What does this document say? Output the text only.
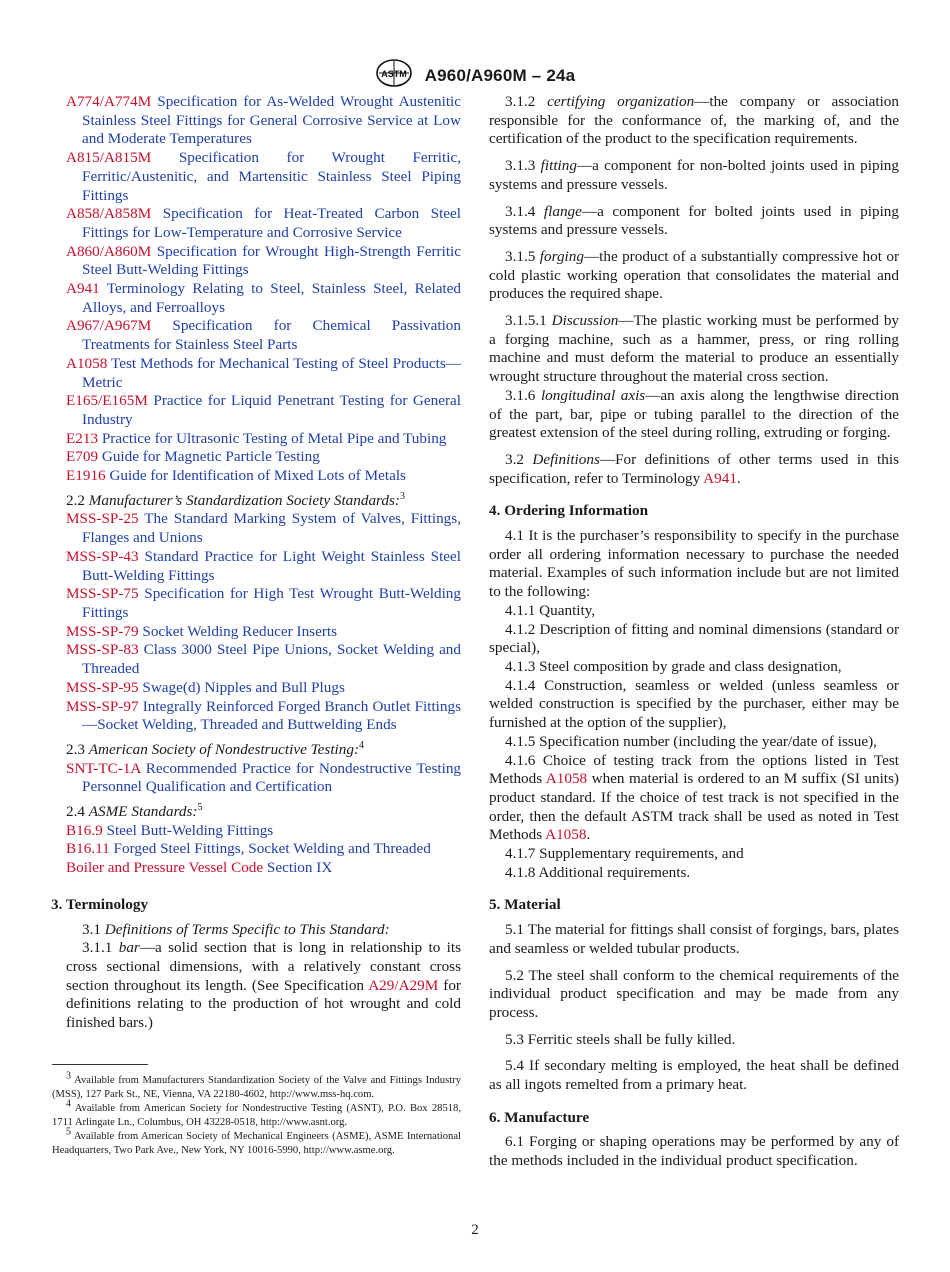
ASTM A960/A960M – 24a

A774/A774M Specification for As-Welded Wrought Austenitic Stainless Steel Fittings for General Corrosive Service at Low and Moderate Temperatures

A815/A815M Specification for Wrought Ferritic, Ferritic/Austenitic, and Martensitic Stainless Steel Piping Fittings

A858/A858M Specification for Heat-Treated Carbon Steel Fittings for Low-Temperature and Corrosive Service

A860/A860M Specification for Wrought High-Strength Ferritic Steel Butt-Welding Fittings

A941 Terminology Relating to Steel, Stainless Steel, Related Alloys, and Ferroalloys

A967/A967M Specification for Chemical Passivation Treatments for Stainless Steel Parts

A1058 Test Methods for Mechanical Testing of Steel Products—Metric

E165/E165M Practice for Liquid Penetrant Testing for General Industry

E213 Practice for Ultrasonic Testing of Metal Pipe and Tubing

E709 Guide for Magnetic Particle Testing

E1916 Guide for Identification of Mixed Lots of Metals

2.2 Manufacturer’s Standardization Society Standards:$^3$

MSS-SP-25 The Standard Marking System of Valves, Fittings, Flanges and Unions

MSS-SP-43 Standard Practice for Light Weight Stainless Steel Butt-Welding Fittings

MSS-SP-75 Specification for High Test Wrought Butt-Welding Fittings

MSS-SP-79 Socket Welding Reducer Inserts

MSS-SP-83 Class 3000 Steel Pipe Unions, Socket Welding and Threaded

MSS-SP-95 Swage(d) Nipples and Bull Plugs

MSS-SP-97 Integrally Reinforced Forged Branch Outlet Fittings—Socket Welding, Threaded and Buttwelding Ends

2.3 American Society of Nondestructive Testing:$^4$

SNT-TC-1A Recommended Practice for Nondestructive Testing Personnel Qualification and Certification

2.4 ASME Standards:$^5$

B16.9 Steel Butt-Welding Fittings

B16.11 Forged Steel Fittings, Socket Welding and Threaded

Boiler and Pressure Vessel Code Section IX

3. Terminology

3.1 Definitions of Terms Specific to This Standard:

3.1.1 bar—a solid section that is long in relationship to its cross sectional dimensions, with a relatively constant cross section throughout its length. (See Specification A29/A29M for definitions relating to the production of hot wrought and cold finished bars.)

$^3$ Available from Manufacturers Standardization Society of the Valve and Fittings Industry (MSS), 127 Park St., NE, Vienna, VA 22180-4602, http://www.mss-hq.com.

$^4$ Available from American Society for Nondestructive Testing (ASNT), P.O. Box 28518, 1711 Arlingate Ln., Columbus, OH 43228-0518, http://www.asnt.org.

$^5$ Available from American Society of Mechanical Engineers (ASME), ASME International Headquarters, Two Park Ave., New York, NY 10016-5990, http://www.asme.org.

3.1.2 certifying organization—the company or association responsible for the conformance of, the marking of, and the certification of the product to the specification requirements.

3.1.3 fitting—a component for non-bolted joints used in piping systems and pressure vessels.

3.1.4 flange—a component for bolted joints used in piping systems and pressure vessels.

3.1.5 forging—the product of a substantially compressive hot or cold plastic working operation that consolidates the material and produces the required shape.

3.1.5.1 Discussion—The plastic working must be performed by a forging machine, such as a hammer, press, or ring rolling machine and must deform the material to produce an essentially wrought structure throughout the material cross section.

3.1.6 longitudinal axis—an axis along the lengthwise direction of the part, bar, pipe or tubing parallel to the direction of the greatest extension of the steel during rolling, extruding or forging.

3.2 Definitions—For definitions of other terms used in this specification, refer to Terminology A941.

4. Ordering Information

4.1 It is the purchaser’s responsibility to specify in the purchase order all ordering information necessary to purchase the needed material. Examples of such information include but are not limited to the following:

4.1.1 Quantity,

4.1.2 Description of fitting and nominal dimensions (standard or special),

4.1.3 Steel composition by grade and class designation,

4.1.4 Construction, seamless or welded (unless seamless or welded construction is specified by the purchaser, either may be furnished at the option of the supplier),

4.1.5 Specification number (including the year/date of issue),

4.1.6 Choice of testing track from the options listed in Test Methods A1058 when material is ordered to an M suffix (SI units) product standard. If the choice of test track is not specified in the order, then the default ASTM track shall be used as noted in Test Methods A1058.

4.1.7 Supplementary requirements, and

4.1.8 Additional requirements.

5. Material

5.1 The material for fittings shall consist of forgings, bars, plates and seamless or welded tubular products.

5.2 The steel shall conform to the chemical requirements of the individual product specification and may be made from any process.

5.3 Ferritic steels shall be fully killed.

5.4 If secondary melting is employed, the heat shall be defined as all ingots remelted from a primary heat.

6. Manufacture

6.1 Forging or shaping operations may be performed by any of the methods included in the individual product specification.

2
